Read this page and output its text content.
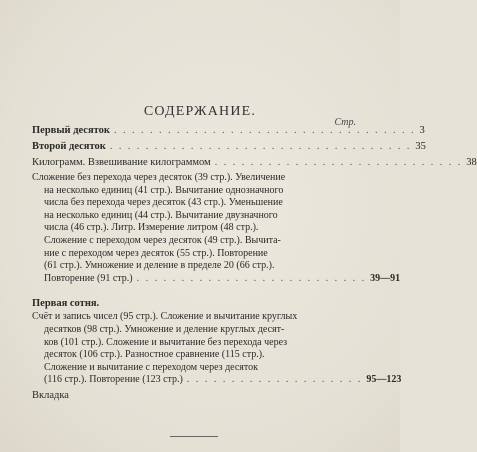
СОДЕРЖАНИЕ.
Стр.
Первый десяток . . . . . . . . . . . . . . . . . . . . . . . . . . . . . . . . . . 3
Второй десяток . . . . . . . . . . . . . . . . . . . . . . . . . . . . . . . . . . 35
Килограмм. Взвешивание килограммом . . . . . . . . . . . . . . . . . . . . . . . . . . . . 38
Сложение без перехода через десяток (39 стр.). Увеличение
на несколько единиц (41 стр.). Вычитание однозначного
числа без перехода через десяток (43 стр.). Уменьшение
на несколько единиц (44 стр.). Вычитание двузначного
числа (46 стр.). Литр. Измерение литром (48 стр.).
Сложение с переходом через десяток (49 стр.). Вычита-
ние с переходом через десяток (55 стр.). Повторение
(61 стр.). Умножение и деление в пределе 20 (66 стр.).
Повторение (91 стр.) . . . . . . . . . . . . . . . . . . . . . . . . . . 39—91
Первая сотня.
Счёт и запись чисел (95 стр.). Сложение и вычитание круглых
десятков (98 стр.). Умножение и деление круглых десят-
ков (101 стр.). Сложение и вычитание без перехода через
десяток (106 стр.). Разностное сравнение (115 стр.).
Сложение и вычитание с переходом через десяток
(116 стр.). Повторение (123 стр.) . . . . . . . . . . . . . . . . . . . . 95—123
Вкладка
